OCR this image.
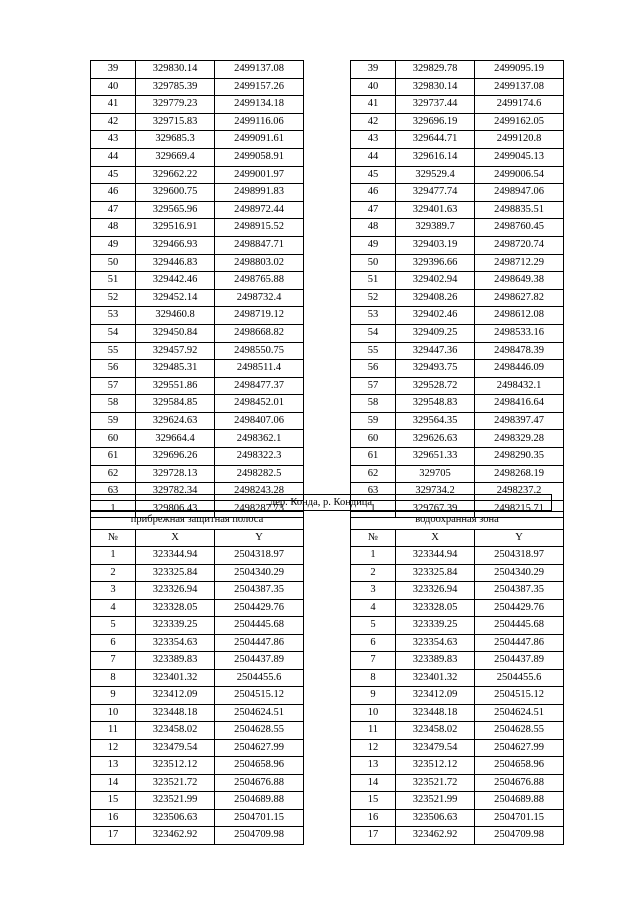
39	329830.14	2499137.08		39	329829.78	2499095.19
40	329785.39	2499157.26		40	329830.14	2499137.08
41	329779.23	2499134.18		41	329737.44	2499174.6
42	329715.83	2499116.06		42	329696.19	2499162.05
43	329685.3	2499091.61		43	329644.71	2499120.8
44	329669.4	2499058.91		44	329616.14	2499045.13
45	329662.22	2499001.97		45	329529.4	2499006.54
46	329600.75	2498991.83		46	329477.74	2498947.06
47	329565.96	2498972.44		47	329401.63	2498835.51
48	329516.91	2498915.52		48	329389.7	2498760.45
49	329466.93	2498847.71		49	329403.19	2498720.74
50	329446.83	2498803.02		50	329396.66	2498712.29
51	329442.46	2498765.88		51	329402.94	2498649.38
52	329452.14	2498732.4		52	329408.26	2498627.82
53	329460.8	2498719.12		53	329402.46	2498612.08
54	329450.84	2498668.82		54	329409.25	2498533.16
55	329457.92	2498550.75		55	329447.36	2498478.39
56	329485.31	2498511.4		56	329493.75	2498446.09
57	329551.86	2498477.37		57	329528.72	2498432.1
58	329584.85	2498452.01		58	329548.83	2498416.64
59	329624.63	2498407.06		59	329564.35	2498397.47
60	329664.4	2498362.1		60	329626.63	2498329.28
61	329696.26	2498322.3		61	329651.33	2498290.35
62	329728.13	2498282.5		62	329705	2498268.19
63	329782.34	2498243.28		63	329734.2	2498237.2
1	329806.43	2498287.73		1	329767.39	2498215.71
дер. Конда, р. Кондица
прибрежная защитная полоса				водоохранная зона		
№	X	Y		№	X	Y
1	323344.94	2504318.97		1	323344.94	2504318.97
2	323325.84	2504340.29		2	323325.84	2504340.29
3	323326.94	2504387.35		3	323326.94	2504387.35
4	323328.05	2504429.76		4	323328.05	2504429.76
5	323339.25	2504445.68		5	323339.25	2504445.68
6	323354.63	2504447.86		6	323354.63	2504447.86
7	323389.83	2504437.89		7	323389.83	2504437.89
8	323401.32	2504455.6		8	323401.32	2504455.6
9	323412.09	2504515.12		9	323412.09	2504515.12
10	323448.18	2504624.51		10	323448.18	2504624.51
11	323458.02	2504628.55		11	323458.02	2504628.55
12	323479.54	2504627.99		12	323479.54	2504627.99
13	323512.12	2504658.96		13	323512.12	2504658.96
14	323521.72	2504676.88		14	323521.72	2504676.88
15	323521.99	2504689.88		15	323521.99	2504689.88
16	323506.63	2504701.15		16	323506.63	2504701.15
17	323462.92	2504709.98		17	323462.92	2504709.98
